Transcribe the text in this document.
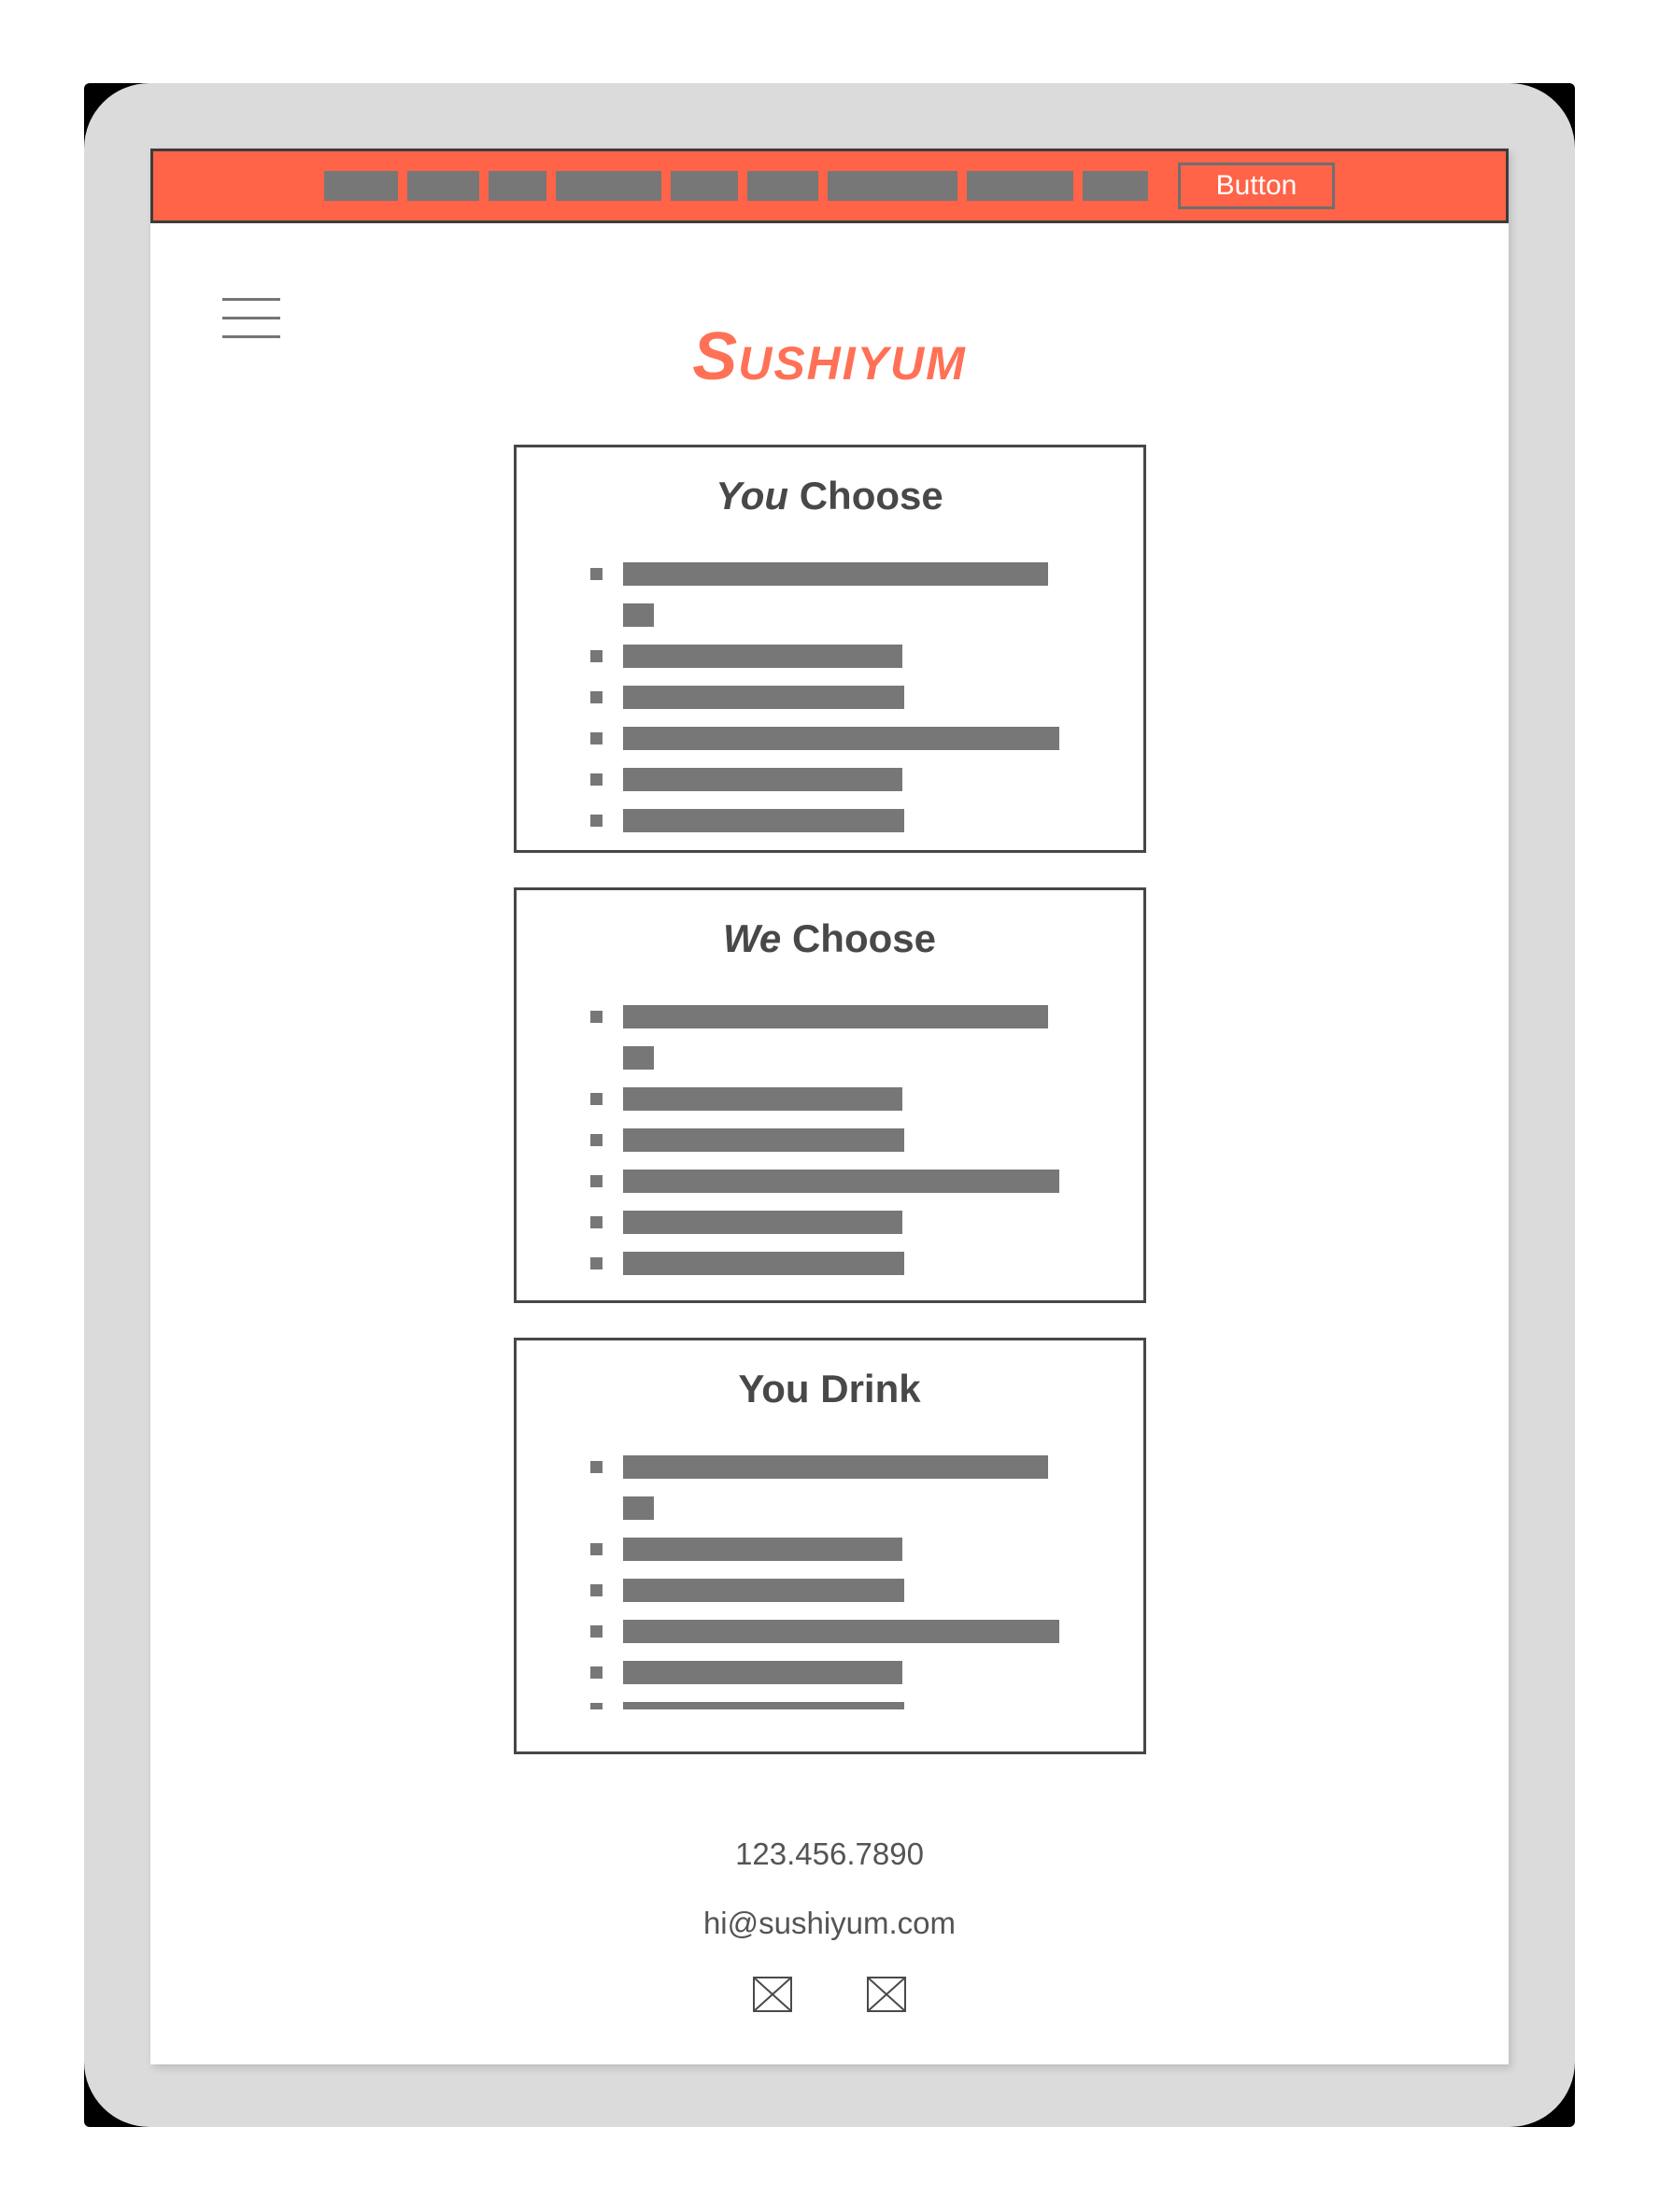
Button
SUSHIYUM
You Choose
We Choose
You Drink
123.456.7890
hi@sushiyum.com
